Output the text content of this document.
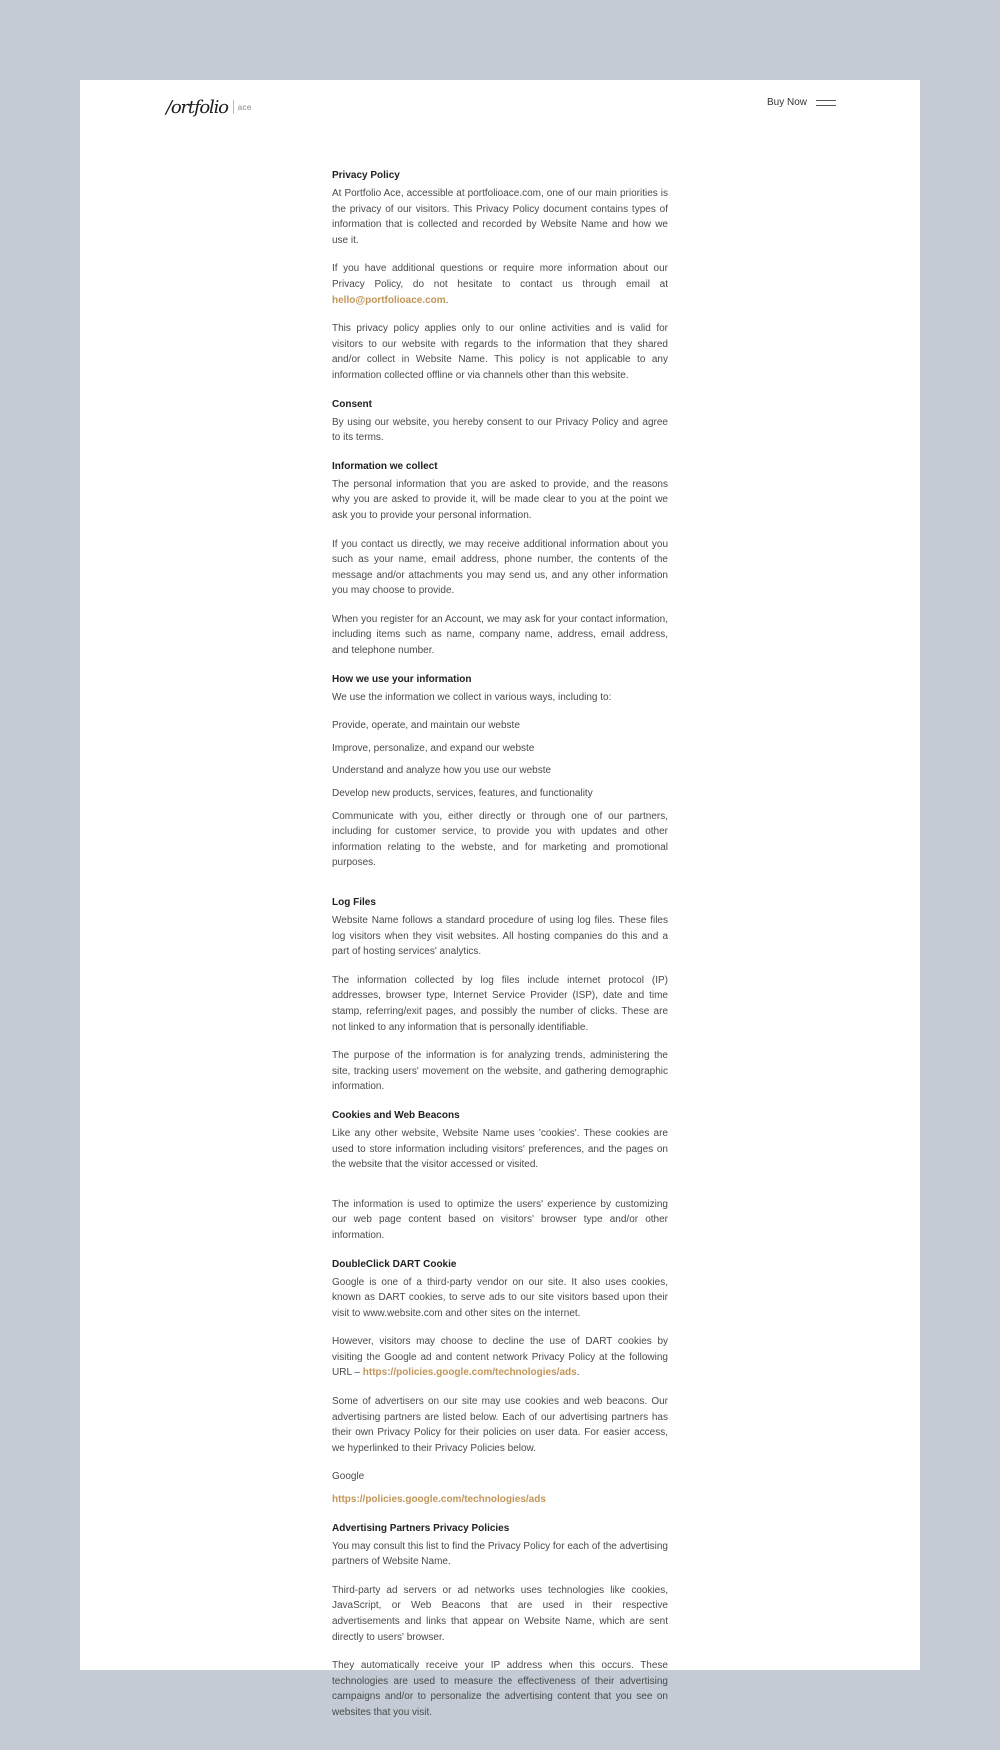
/ortfolio ace	Buy Now
Privacy Policy

At Portfolio Ace, accessible at portfolioace.com, one of our main priorities is the privacy of our visitors. This Privacy Policy document contains types of information that is collected and recorded by Website Name and how we use it.

If you have additional questions or require more information about our Privacy Policy, do not hesitate to contact us through email at hello@portfolioace.com.

This privacy policy applies only to our online activities and is valid for visitors to our website with regards to the information that they shared and/or collect in Website Name. This policy is not applicable to any information collected offline or via channels other than this website.

Consent

By using our website, you hereby consent to our Privacy Policy and agree to its terms.

Information we collect

The personal information that you are asked to provide, and the reasons why you are asked to provide it, will be made clear to you at the point we ask you to provide your personal information.

If you contact us directly, we may receive additional information about you such as your name, email address, phone number, the contents of the message and/or attachments you may send us, and any other information you may choose to provide.

When you register for an Account, we may ask for your contact information, including items such as name, company name, address, email address, and telephone number.

How we use your information

We use the information we collect in various ways, including to:

Provide, operate, and maintain our webste

Improve, personalize, and expand our webste

Understand and analyze how you use our webste

Develop new products, services, features, and functionality

Communicate with you, either directly or through one of our partners, including for customer service, to provide you with updates and other information relating to the webste, and for marketing and promotional purposes.

Log Files

Website Name follows a standard procedure of using log files. These files log visitors when they visit websites. All hosting companies do this and a part of hosting services' analytics.

The information collected by log files include internet protocol (IP) addresses, browser type, Internet Service Provider (ISP), date and time stamp, referring/exit pages, and possibly the number of clicks. These are not linked to any information that is personally identifiable.

The purpose of the information is for analyzing trends, administering the site, tracking users' movement on the website, and gathering demographic information.

Cookies and Web Beacons

Like any other website, Website Name uses 'cookies'. These cookies are used to store information including visitors' preferences, and the pages on the website that the visitor accessed or visited.

The information is used to optimize the users' experience by customizing our web page content based on visitors' browser type and/or other information.

DoubleClick DART Cookie

Google is one of a third-party vendor on our site. It also uses cookies, known as DART cookies, to serve ads to our site visitors based upon their visit to www.website.com and other sites on the internet.

However, visitors may choose to decline the use of DART cookies by visiting the Google ad and content network Privacy Policy at the following URL – https://policies.google.com/technologies/ads.

Some of advertisers on our site may use cookies and web beacons. Our advertising partners are listed below. Each of our advertising partners has their own Privacy Policy for their policies on user data. For easier access, we hyperlinked to their Privacy Policies below.

Google

https://policies.google.com/technologies/ads

Advertising Partners Privacy Policies

You may consult this list to find the Privacy Policy for each of the advertising partners of Website Name.

Third-party ad servers or ad networks uses technologies like cookies, JavaScript, or Web Beacons that are used in their respective advertisements and links that appear on Website Name, which are sent directly to users' browser.

They automatically receive your IP address when this occurs. These technologies are used to measure the effectiveness of their advertising campaigns and/or to personalize the advertising content that you see on websites that you visit.
